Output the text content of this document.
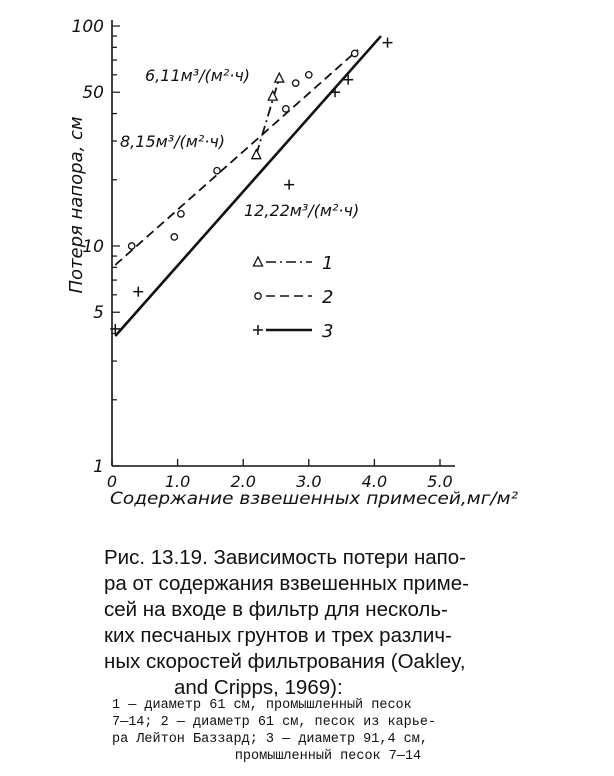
0	1.0	2.0	3.0	4.0	5.0
1
5
10
50
100
Потеря напора, см
Содержание взвешенных примесей,мг/м²
6,11м³/(м²·ч)
8,15м³/(м²·ч)
12,22м³/(м²·ч)
1
2
3
Рис. 13.19. Зависимость потери напо-
ра от содержания взвешенных приме-
сей на входе в фильтр для несколь-
ких песчаных грунтов и трех различ-
ных скоростей фильтрования (Oakley,
and Cripps, 1969):
1 — диаметр 61 см, промышленный песок
7—14; 2 — диаметр 61 см, песок из карье-
ра Лейтон Баззард; 3 — диаметр 91,4 см,
промышленный песок 7—14
